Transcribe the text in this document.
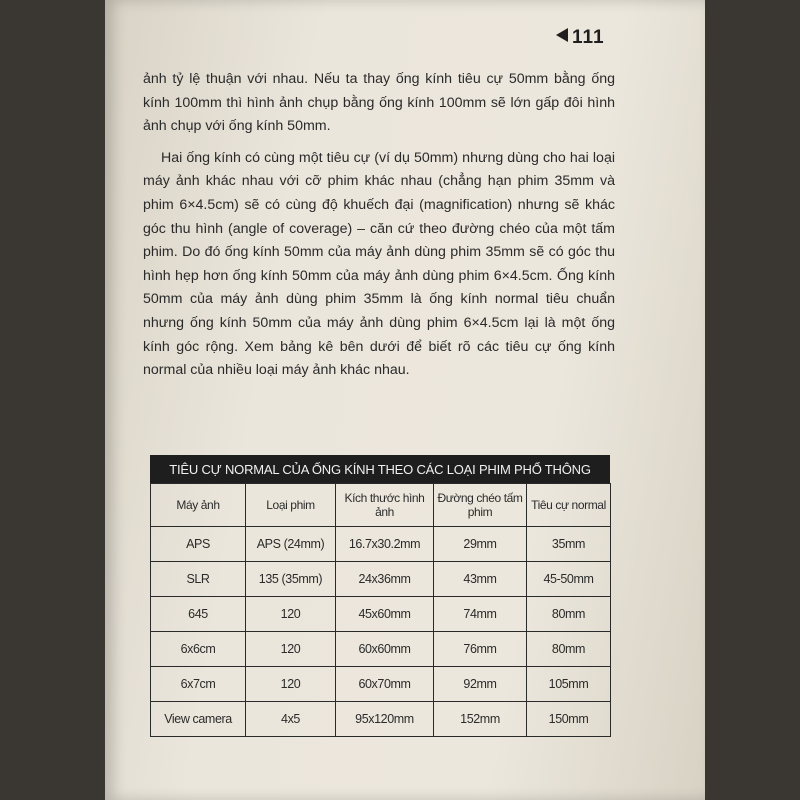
111

ảnh tỷ lệ thuận với nhau. Nếu ta thay ống kính tiêu cự 50mm bằng ống kính 100mm thì hình ảnh chụp bằng ống kính 100mm sẽ lớn gấp đôi hình ảnh chụp với ống kính 50mm.

Hai ống kính có cùng một tiêu cự (ví dụ 50mm) nhưng dùng cho hai loại máy ảnh khác nhau với cỡ phim khác nhau (chẳng hạn phim 35mm và phim 6×4.5cm) sẽ có cùng độ khuếch đại (magnification) nhưng sẽ khác góc thu hình (angle of coverage) – căn cứ theo đường chéo của một tấm phim. Do đó ống kính 50mm của máy ảnh dùng phim 35mm sẽ có góc thu hình hẹp hơn ống kính 50mm của máy ảnh dùng phim 6×4.5cm. Ống kính 50mm của máy ảnh dùng phim 35mm là ống kính normal tiêu chuẩn nhưng ống kính 50mm của máy ảnh dùng phim 6×4.5cm lại là một ống kính góc rộng. Xem bảng kê bên dưới để biết rõ các tiêu cự ống kính normal của nhiều loại máy ảnh khác nhau.

TIÊU CỰ NORMAL CỦA ỐNG KÍNH THEO CÁC LOẠI PHIM PHỔ THÔNG
Máy ảnh	Loại phim	Kích thước hình ảnh	Đường chéo tấm phim	Tiêu cự normal
APS	APS (24mm)	16.7x30.2mm	29mm	35mm
SLR	135 (35mm)	24x36mm	43mm	45-50mm
645	120	45x60mm	74mm	80mm
6x6cm	120	60x60mm	76mm	80mm
6x7cm	120	60x70mm	92mm	105mm
View camera	4x5	95x120mm	152mm	150mm
